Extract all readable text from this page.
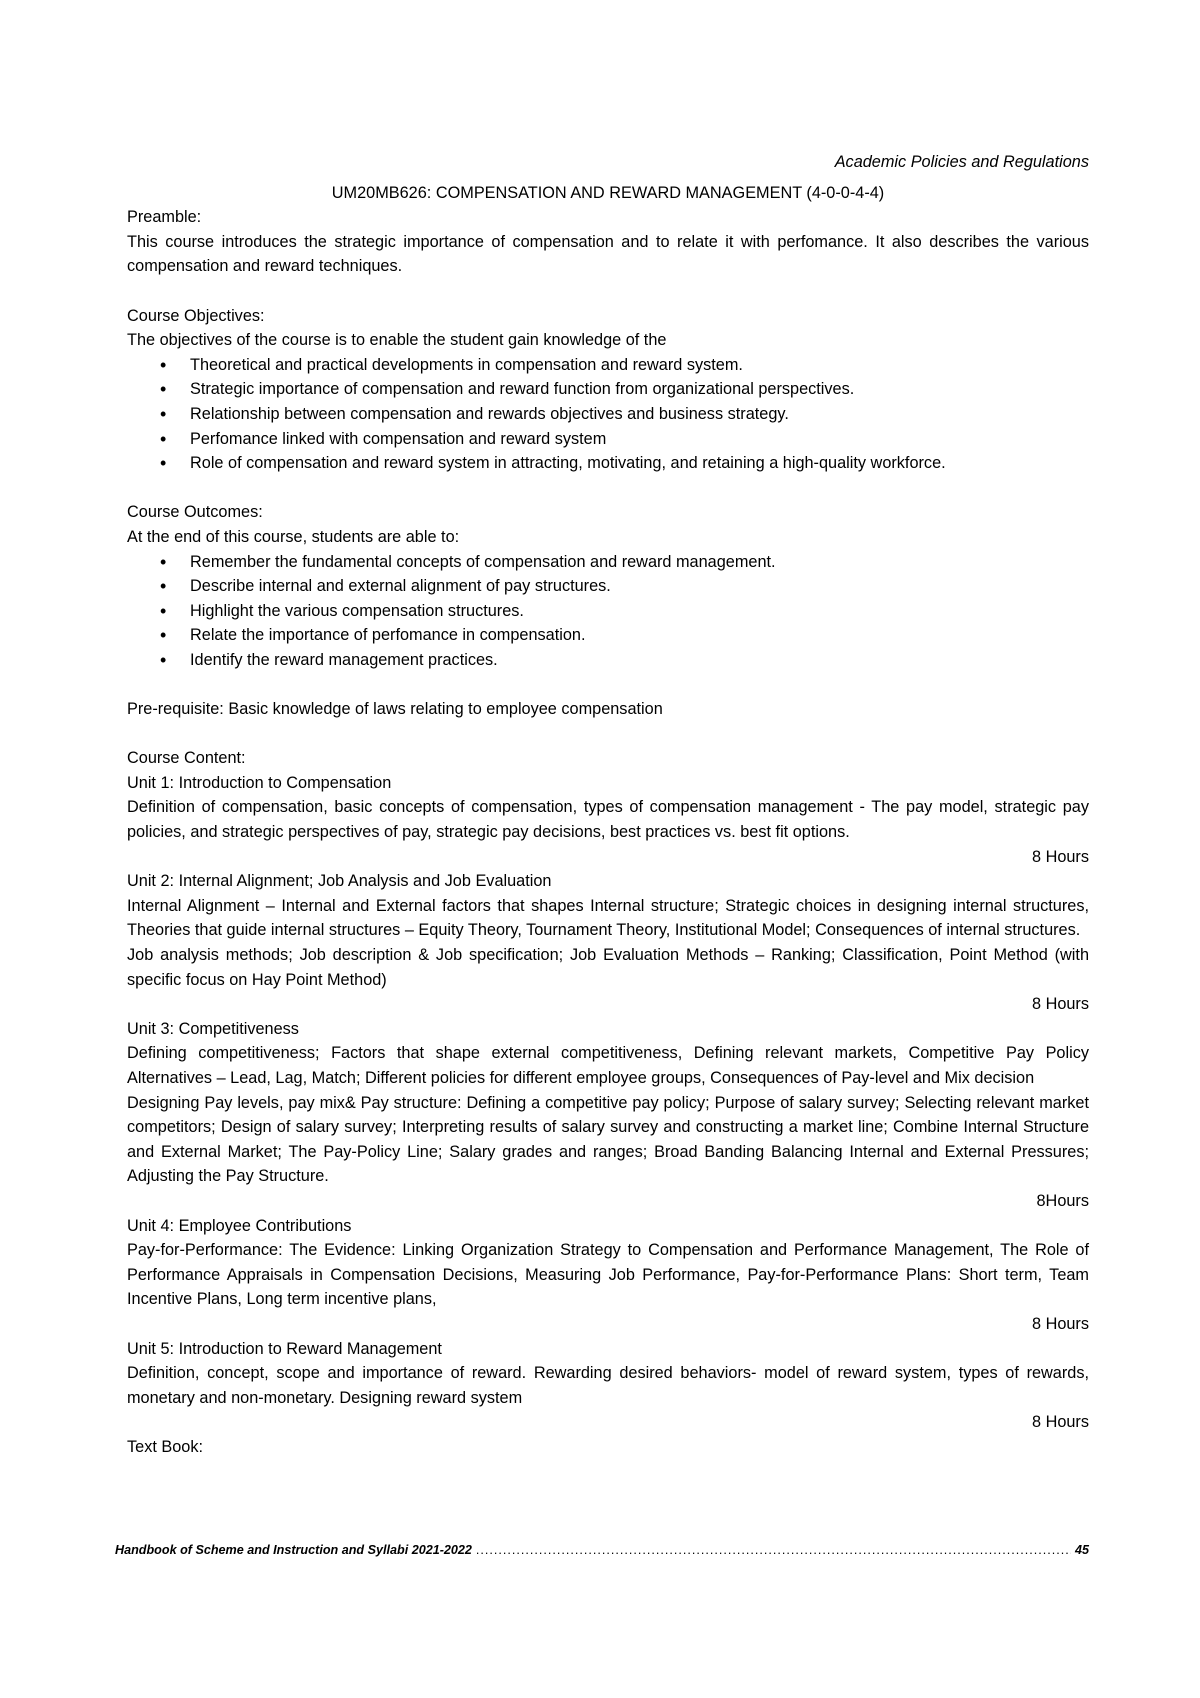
Academic Policies and Regulations
UM20MB626: COMPENSATION AND REWARD MANAGEMENT (4-0-0-4-4)
Preamble:
This course introduces the strategic importance of compensation and to relate it with perfomance. It also describes the various compensation and reward techniques.
Course Objectives:
The objectives of the course is to enable the student gain knowledge of the
• Theoretical and practical developments in compensation and reward system.
• Strategic importance of compensation and reward function from organizational perspectives.
• Relationship between compensation and rewards objectives and business strategy.
• Perfomance linked with compensation and reward system
• Role of compensation and reward system in attracting, motivating, and retaining a high-quality workforce.
Course Outcomes:
At the end of this course, students are able to:
• Remember the fundamental concepts of compensation and reward management.
• Describe internal and external alignment of pay structures.
• Highlight the various compensation structures.
• Relate the importance of perfomance in compensation.
• Identify the reward management practices.
Pre-requisite: Basic knowledge of laws relating to employee compensation
Course Content:
Unit 1: Introduction to Compensation
Definition of compensation, basic concepts of compensation, types of compensation management - The pay model, strategic pay policies, and strategic perspectives of pay, strategic pay decisions, best practices vs. best fit options.
8 Hours
Unit 2: Internal Alignment; Job Analysis and Job Evaluation
Internal Alignment – Internal and External factors that shapes Internal structure; Strategic choices in designing internal structures, Theories that guide internal structures – Equity Theory, Tournament Theory, Institutional Model; Consequences of internal structures.
Job analysis methods; Job description & Job specification; Job Evaluation Methods – Ranking; Classification, Point Method (with specific focus on Hay Point Method)
8 Hours
Unit 3: Competitiveness
Defining competitiveness; Factors that shape external competitiveness, Defining relevant markets, Competitive Pay Policy Alternatives – Lead, Lag, Match; Different policies for different employee groups, Consequences of Pay-level and Mix decision
Designing Pay levels, pay mix& Pay structure: Defining a competitive pay policy; Purpose of salary survey; Selecting relevant market competitors; Design of salary survey; Interpreting results of salary survey and constructing a market line; Combine Internal Structure and External Market; The Pay-Policy Line; Salary grades and ranges; Broad Banding Balancing Internal and External Pressures; Adjusting the Pay Structure.
8Hours
Unit 4: Employee Contributions
Pay-for-Performance: The Evidence: Linking Organization Strategy to Compensation and Performance Management, The Role of Performance Appraisals in Compensation Decisions, Measuring Job Performance, Pay-for-Performance Plans: Short term, Team Incentive Plans, Long term incentive plans,
8 Hours
Unit 5: Introduction to Reward Management
Definition, concept, scope and importance of reward. Rewarding desired behaviors- model of reward system, types of rewards, monetary and non-monetary. Designing reward system
8 Hours
Text Book:
Handbook of Scheme and Instruction and Syllabi 2021-2022
.....	45
